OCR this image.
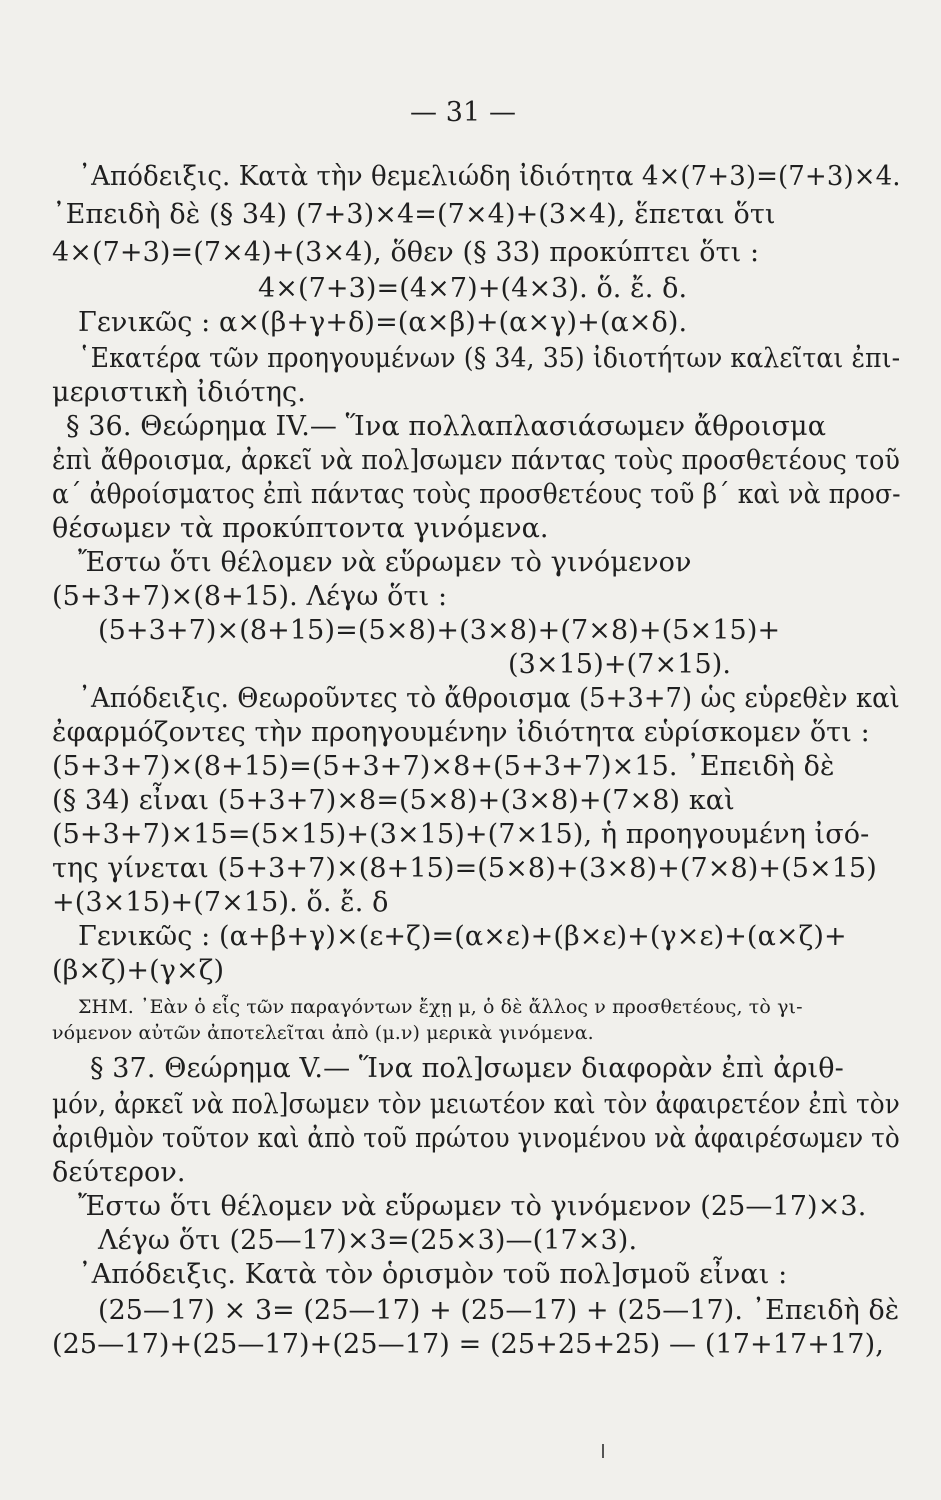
— 31 —
᾿Απόδειξις. Κατὰ τὴν θεμελιώδη ἰδιότητα 4×(7+3)=(7+3)×4.
᾿Επειδὴ δὲ (§ 34) (7+3)×4=(7×4)+(3×4), ἕπεται ὅτι
4×(7+3)=(7×4)+(3×4), ὅθεν (§ 33) προκύπτει ὅτι :
4×(7+3)=(4×7)+(4×3). ὅ. ἔ. δ.
Γενικῶς : α×(β+γ+δ)=(α×β)+(α×γ)+(α×δ).
῾Εκατέρα τῶν προηγουμένων (§ 34, 35) ἰδιοτήτων καλεῖται ἐπι-
μεριστικὴ ἰδιότης.
§ 36. Θεώρημα IV.— Ἵνα πολλαπλασιάσωμεν ἄθροισμα
ἐπὶ ἄθροισμα, ἀρκεῖ νὰ πολ]σωμεν πάντας τοὺς προσθετέους τοῦ
α΄ ἀθροίσματος ἐπὶ πάντας τοὺς προσθετέους τοῦ β΄ καὶ νὰ προσ-
θέσωμεν τὰ προκύπτοντα γινόμενα.
Ἔστω ὅτι θέλομεν νὰ εὕρωμεν τὸ γινόμενον
(5+3+7)×(8+15). Λέγω ὅτι :
(5+3+7)×(8+15)=(5×8)+(3×8)+(7×8)+(5×15)+
(3×15)+(7×15).
᾿Απόδειξις. Θεωροῦντες τὸ ἄθροισμα (5+3+7) ὡς εὑρεθὲν καὶ
ἐφαρμόζοντες τὴν προηγουμένην ἰδιότητα εὑρίσκομεν ὅτι :
(5+3+7)×(8+15)=(5+3+7)×8+(5+3+7)×15. ᾿Επειδὴ δὲ
(§ 34) εἶναι (5+3+7)×8=(5×8)+(3×8)+(7×8) καὶ
(5+3+7)×15=(5×15)+(3×15)+(7×15), ἡ προηγουμένη ἰσό-
της γίνεται (5+3+7)×(8+15)=(5×8)+(3×8)+(7×8)+(5×15)
+(3×15)+(7×15). ὅ. ἔ. δ
Γενικῶς : (α+β+γ)×(ε+ζ)=(α×ε)+(β×ε)+(γ×ε)+(α×ζ)+
(β×ζ)+(γ×ζ)
ΣΗΜ. ᾿Εὰν ὁ εἷς τῶν παραγόντων ἔχῃ μ, ὁ δὲ ἄλλος ν προσθετέους, τὸ γι-
νόμενον αὐτῶν ἀποτελεῖται ἀπὸ (μ.ν) μερικὰ γινόμενα.
§ 37. Θεώρημα V.— Ἵνα πολ]σωμεν διαφορὰν ἐπὶ ἀριθ-
μόν, ἀρκεῖ νὰ πολ]σωμεν τὸν μειωτέον καὶ τὸν ἀφαιρετέον ἐπὶ τὸν
ἀριθμὸν τοῦτον καὶ ἀπὸ τοῦ πρώτου γινομένου νὰ ἀφαιρέσωμεν τὸ
δεύτερον.
Ἔστω ὅτι θέλομεν νὰ εὕρωμεν τὸ γινόμενον (25—17)×3.
Λέγω ὅτι (25—17)×3=(25×3)—(17×3).
᾿Απόδειξις. Κατὰ τὸν ὁρισμὸν τοῦ πολ]σμοῦ εἶναι :
(25—17) × 3= (25—17) + (25—17) + (25—17). ᾿Επειδὴ δὲ
(25—17)+(25—17)+(25—17) = (25+25+25) — (17+17+17),
